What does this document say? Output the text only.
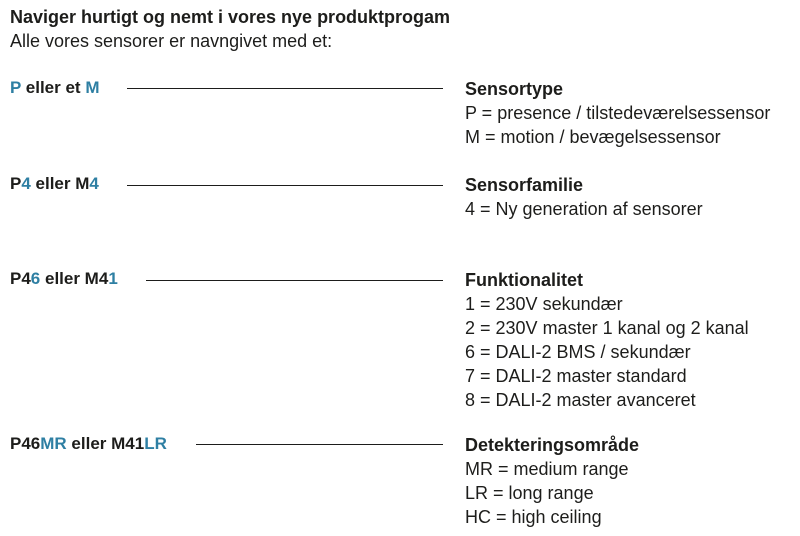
Naviger hurtigt og nemt i vores nye produktprogam
Alle vores sensorer er navngivet med et:
P eller et M	Sensortype
P = presence / tilstedeværelsessensor
M = motion / bevægelsessensor
P4 eller M4	Sensorfamilie
4 = Ny generation af sensorer
P46 eller M41	Funktionalitet
1 = 230V sekundær
2 = 230V master 1 kanal og 2 kanal
6 = DALI-2 BMS / sekundær
7 = DALI-2 master standard
8 = DALI-2 master avanceret
P46MR eller M41LR	Detekteringsområde
MR = medium range
LR = long range
HC = high ceiling
